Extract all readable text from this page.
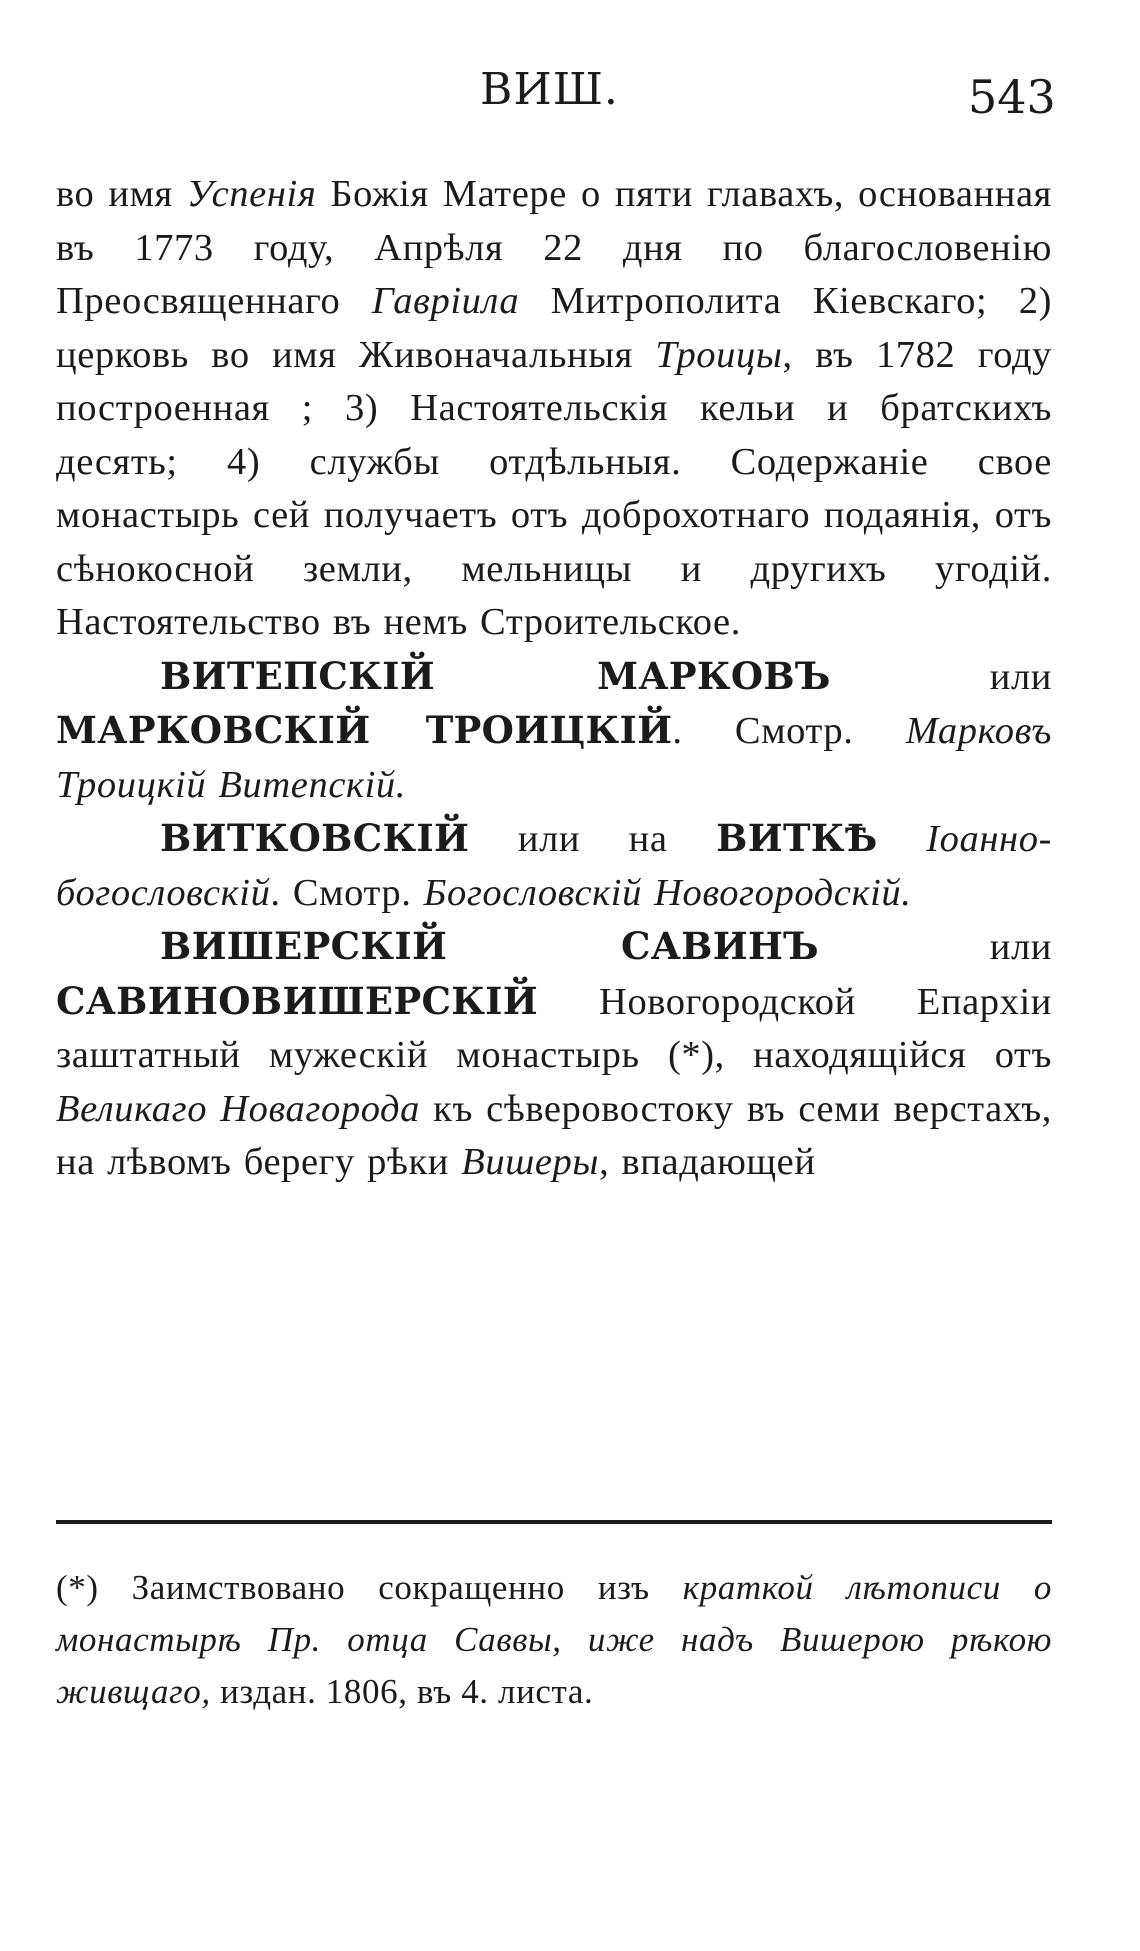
ВИШ.	543

во имя Успенія Божія Матере о пяти главахъ, основанная въ 1773 году, Апрѣля 22 дня по благословенію Преосвященнаго Гавріила Митрополита Кіевскаго; 2) церковь во имя Живоначальныя Троицы, въ 1782 году построенная ; 3) Настоятельскія кельи и братскихъ десять; 4) службы отдѣльныя. Содержаніе свое монастырь сей получаетъ отъ доброхотнаго подаянія, отъ сѣнокосной земли, мельницы и другихъ угодій. Настоятельство въ немъ Строительское.

ВИТЕПСКІЙ МАРКОВЪ или МАРКОВСКІЙ ТРОИЦКІЙ. Смотр. Марковъ Троицкій Витепскій.

ВИТКОВСКІЙ или на ВИТКѢ Іоанно-богословскій. Смотр. Богословскій Новогородскій.

ВИШЕРСКІЙ САВИНЪ или САВИНОВИШЕРСКІЙ Новогородской Епархіи заштатный мужескій монастырь (*), находящійся отъ Великаго Новагорода къ сѣверовостоку въ семи верстахъ, на лѣвомъ берегу рѣки Вишеры, впадающей

(*) Заимствовано сокращенно изъ краткой лѣтописи о монастырѣ Пр. отца Саввы, иже надъ Вишерою рѣкою живщаго, издан. 1806, въ 4. листа.
